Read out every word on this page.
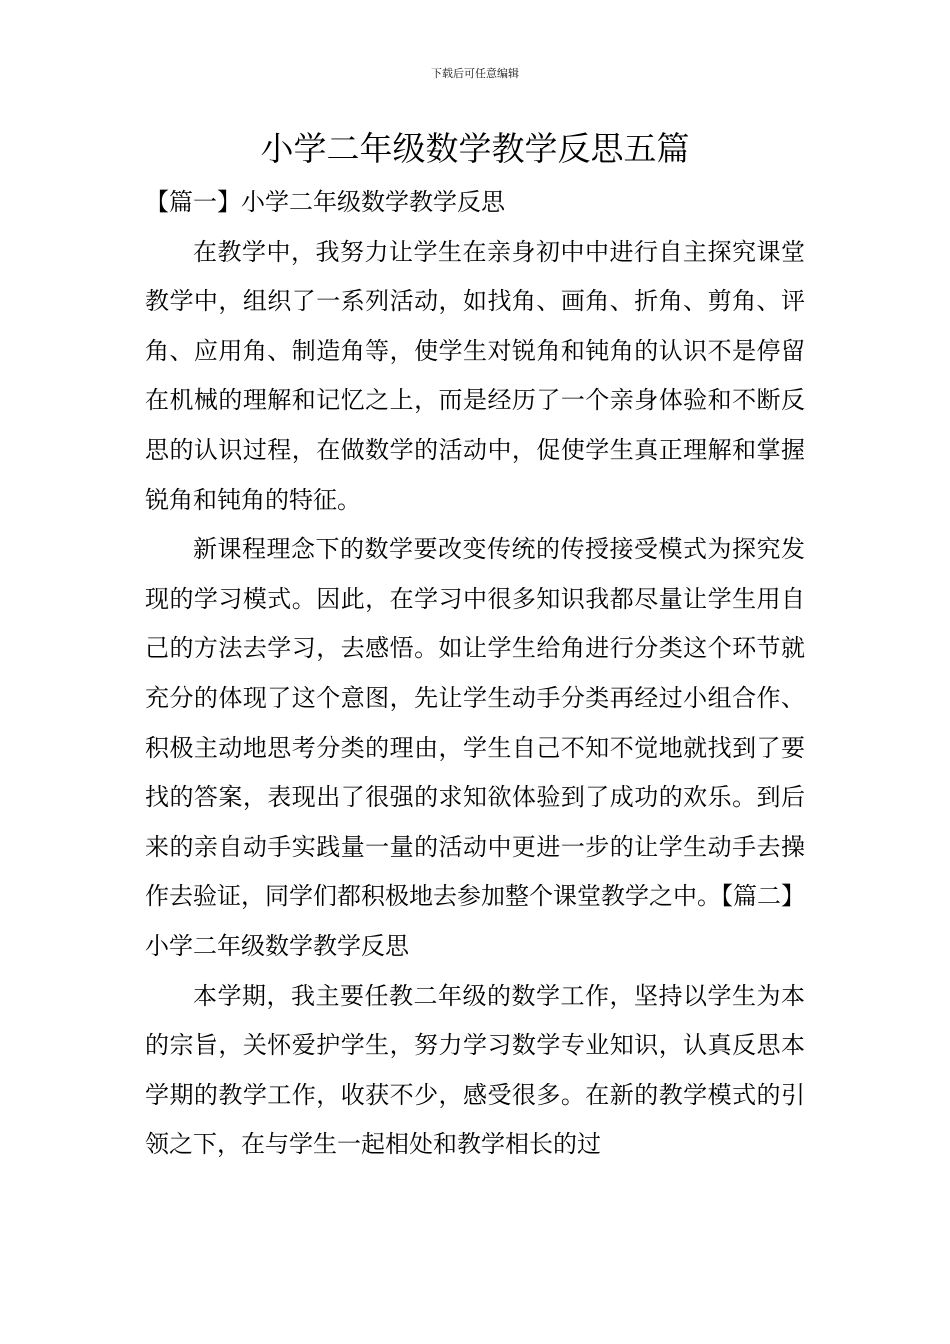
下载后可任意编辑
小学二年级数学教学反思五篇

【篇一】小学二年级数学教学反思

在教学中，我努力让学生在亲身初中中进行自主探究课堂教学中，组织了一系列活动，如找角、画角、折角、剪角、评角、应用角、制造角等，使学生对锐角和钝角的认识不是停留在机械的理解和记忆之上，而是经历了一个亲身体验和不断反思的认识过程，在做数学的活动中，促使学生真正理解和掌握锐角和钝角的特征。

新课程理念下的数学要改变传统的传授接受模式为探究发现的学习模式。因此，在学习中很多知识我都尽量让学生用自己的方法去学习，去感悟。如让学生给角进行分类这个环节就充分的体现了这个意图，先让学生动手分类再经过小组合作、积极主动地思考分类的理由，学生自己不知不觉地就找到了要找的答案，表现出了很强的求知欲体验到了成功的欢乐。到后来的亲自动手实践量一量的活动中更进一步的让学生动手去操作去验证，同学们都积极地去参加整个课堂教学之中。【篇二】小学二年级数学教学反思

本学期，我主要任教二年级的数学工作，坚持以学生为本的宗旨，关怀爱护学生，努力学习数学专业知识，认真反思本学期的教学工作，收获不少，感受很多。在新的教学模式的引领之下，在与学生一起相处和教学相长的过
